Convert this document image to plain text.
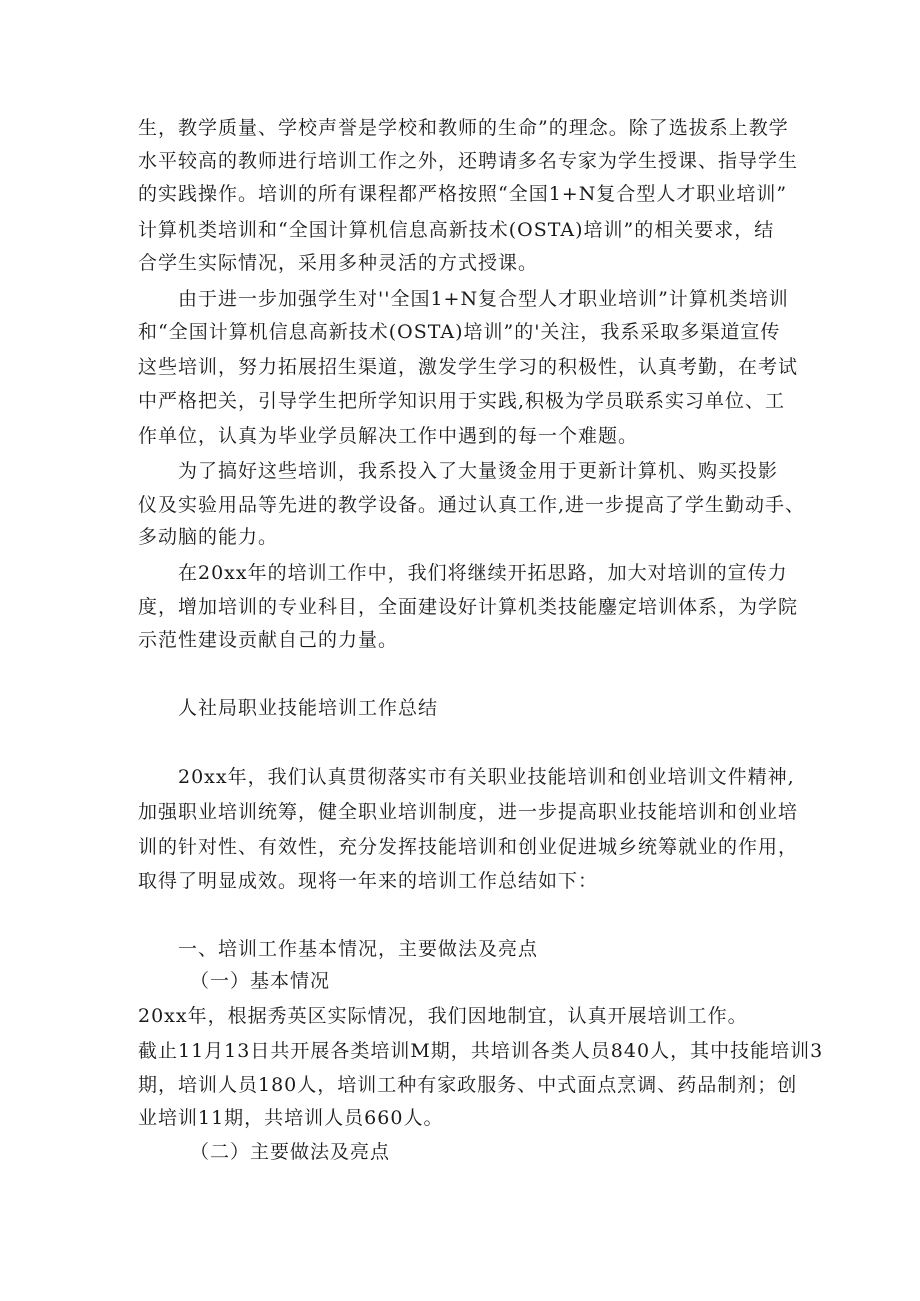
生，教学质量、学校声誉是学校和教师的生命”的理念。除了选拔系上教学

水平较高的教师进行培训工作之外，还聘请多名专家为学生授课、指导学生

的实践操作。培训的所有课程都严格按照“全国1+N复合型人才职业培训”

计算机类培训和“全国计算机信息高新技术(OSTA)培训”的相关要求，结

合学生实际情况，采用多种灵活的方式授课。

由于进一步加强学生对''全国1+N复合型人才职业培训”计算机类培训

和“全国计算机信息高新技术(OSTA)培训”的'关注，我系采取多渠道宣传

这些培训，努力拓展招生渠道，激发学生学习的积极性，认真考勤，在考试

中严格把关，引导学生把所学知识用于实践,积极为学员联系实习单位、工

作单位，认真为毕业学员解决工作中遇到的每一个难题。

为了搞好这些培训，我系投入了大量烫金用于更新计算机、购买投影

仪及实验用品等先进的教学设备。通过认真工作,进一步提高了学生勤动手、

多动脑的能力。

在20xx年的培训工作中，我们将继续开拓思路，加大对培训的宣传力

度，增加培训的专业科目，全面建设好计算机类技能鏖定培训体系，为学院

示范性建设贡献自己的力量。

人社局职业技能培训工作总结

20xx年，我们认真贯彻落实市有关职业技能培训和创业培训文件精神,

加强职业培训统筹，健全职业培训制度，进一步提高职业技能培训和创业培

训的针对性、有效性，充分发挥技能培训和创业促进城乡统筹就业的作用，

取得了明显成效。现将一年来的培训工作总结如下：

一、培训工作基本情况，主要做法及亮点

（一）基本情况

20xx年，根据秀英区实际情况，我们因地制宜，认真开展培训工作。

截止11月13日共开展各类培训M期，共培训各类人员840人，其中技能培训3

期，培训人员180人，培训工种有家政服务、中式面点烹调、药品制剂；创

业培训11期，共培训人员660人。

（二）主要做法及亮点
